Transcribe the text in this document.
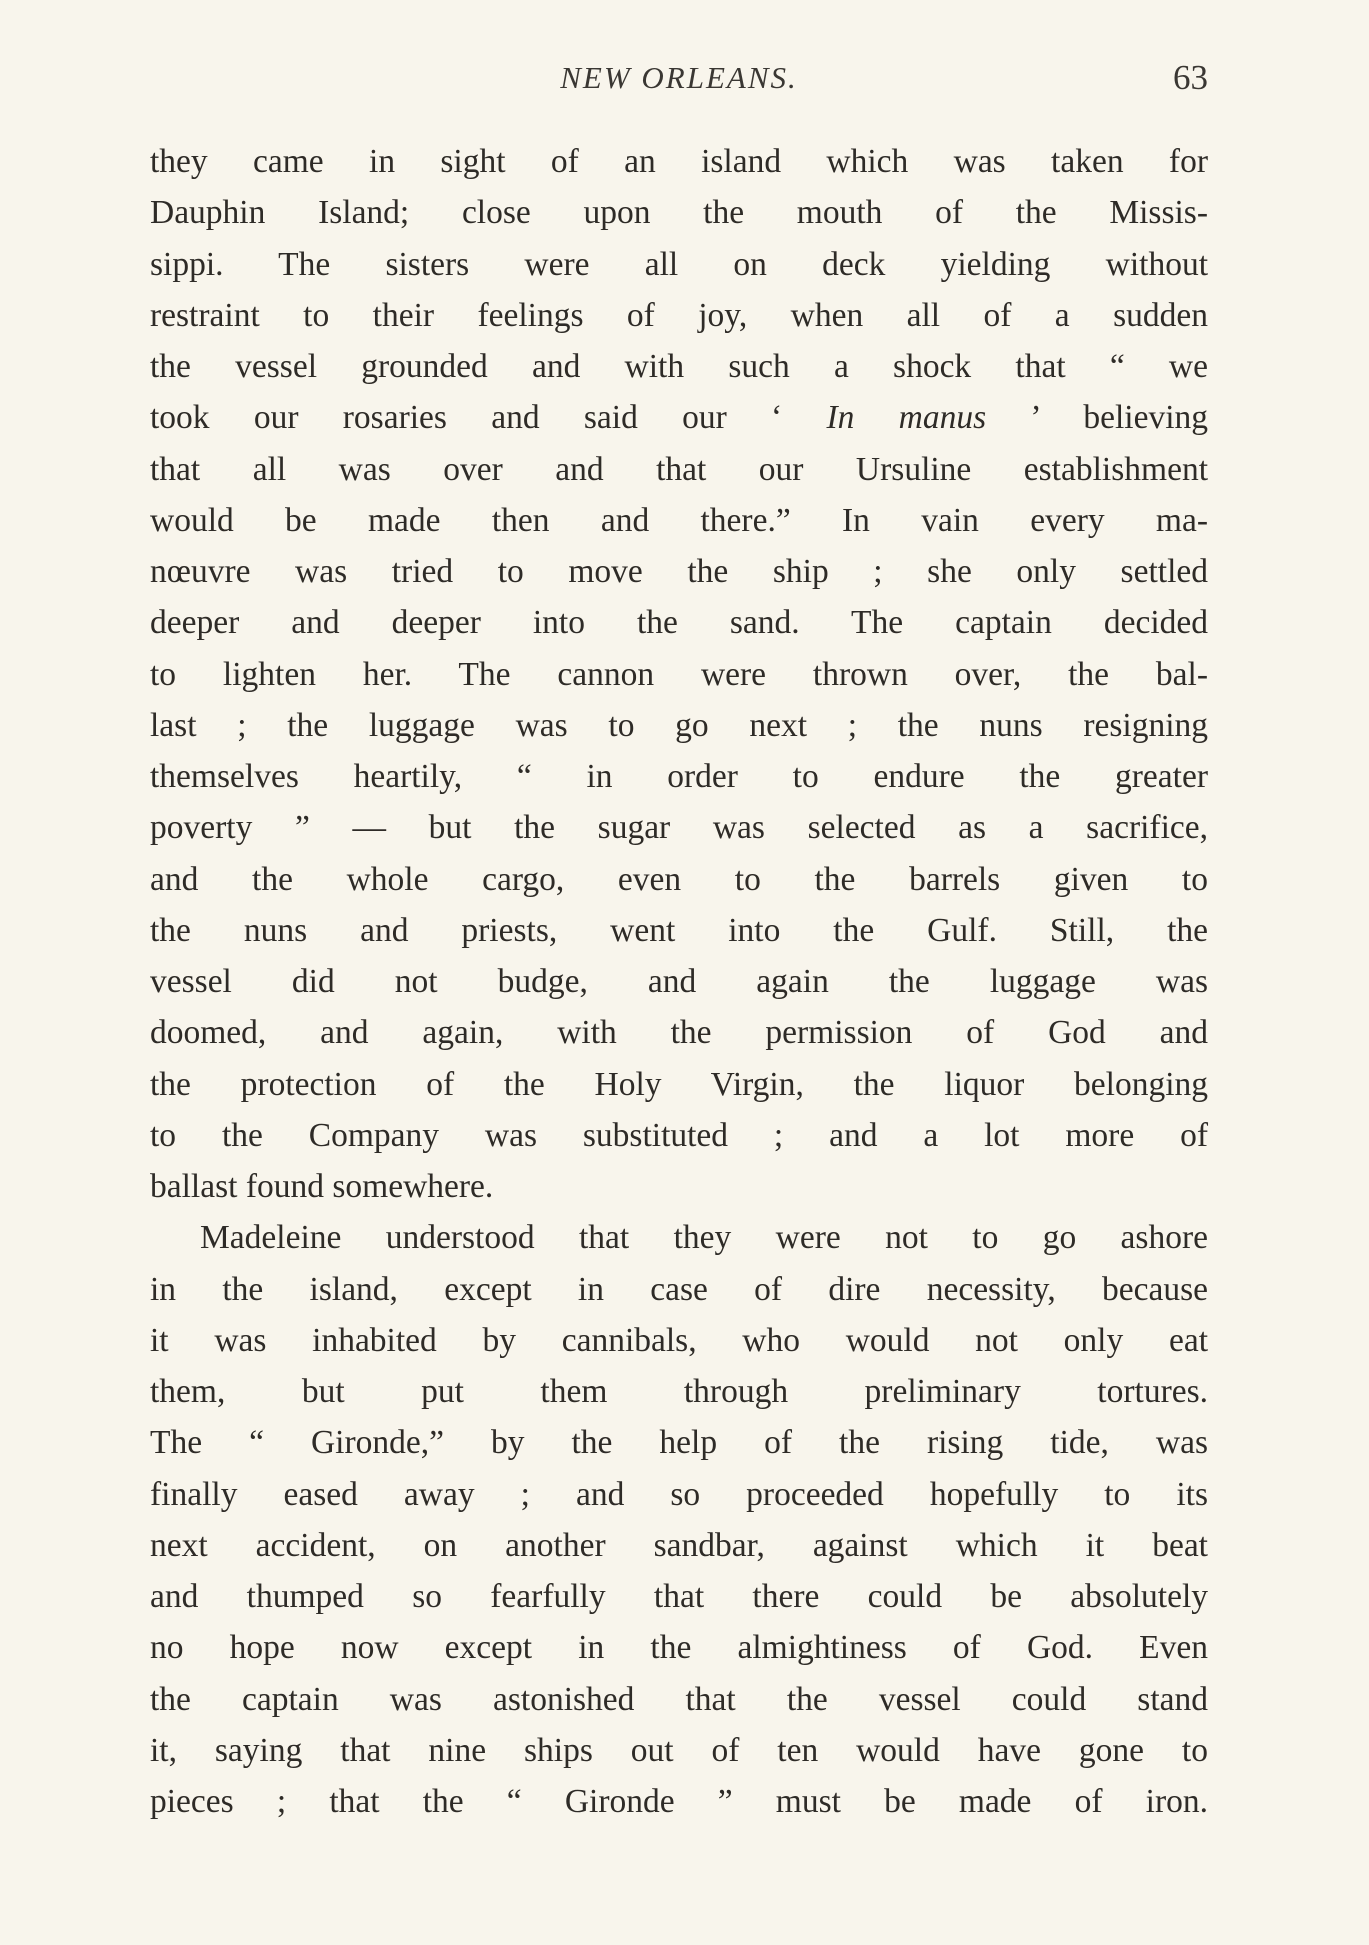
NEW ORLEANS.	63
they came in sight of an island which was taken for
Dauphin Island; close upon the mouth of the Missis-
sippi. The sisters were all on deck yielding without
restraint to their feelings of joy, when all of a sudden
the vessel grounded and with such a shock that “ we
took our rosaries and said our ‘ In manus ’ believing
that all was over and that our Ursuline establishment
would be made then and there.” In vain every ma-
nœuvre was tried to move the ship ; she only settled
deeper and deeper into the sand. The captain decided
to lighten her. The cannon were thrown over, the bal-
last ; the luggage was to go next ; the nuns resigning
themselves heartily, “ in order to endure the greater
poverty ” — but the sugar was selected as a sacrifice,
and the whole cargo, even to the barrels given to
the nuns and priests, went into the Gulf. Still, the
vessel did not budge, and again the luggage was
doomed, and again, with the permission of God and
the protection of the Holy Virgin, the liquor belonging
to the Company was substituted ; and a lot more of
ballast found somewhere.
Madeleine understood that they were not to go ashore
in the island, except in case of dire necessity, because
it was inhabited by cannibals, who would not only eat
them, but put them through preliminary tortures.
The “ Gironde,” by the help of the rising tide, was
finally eased away ; and so proceeded hopefully to its
next accident, on another sandbar, against which it beat
and thumped so fearfully that there could be absolutely
no hope now except in the almightiness of God. Even
the captain was astonished that the vessel could stand
it, saying that nine ships out of ten would have gone to
pieces ; that the “ Gironde ” must be made of iron.
